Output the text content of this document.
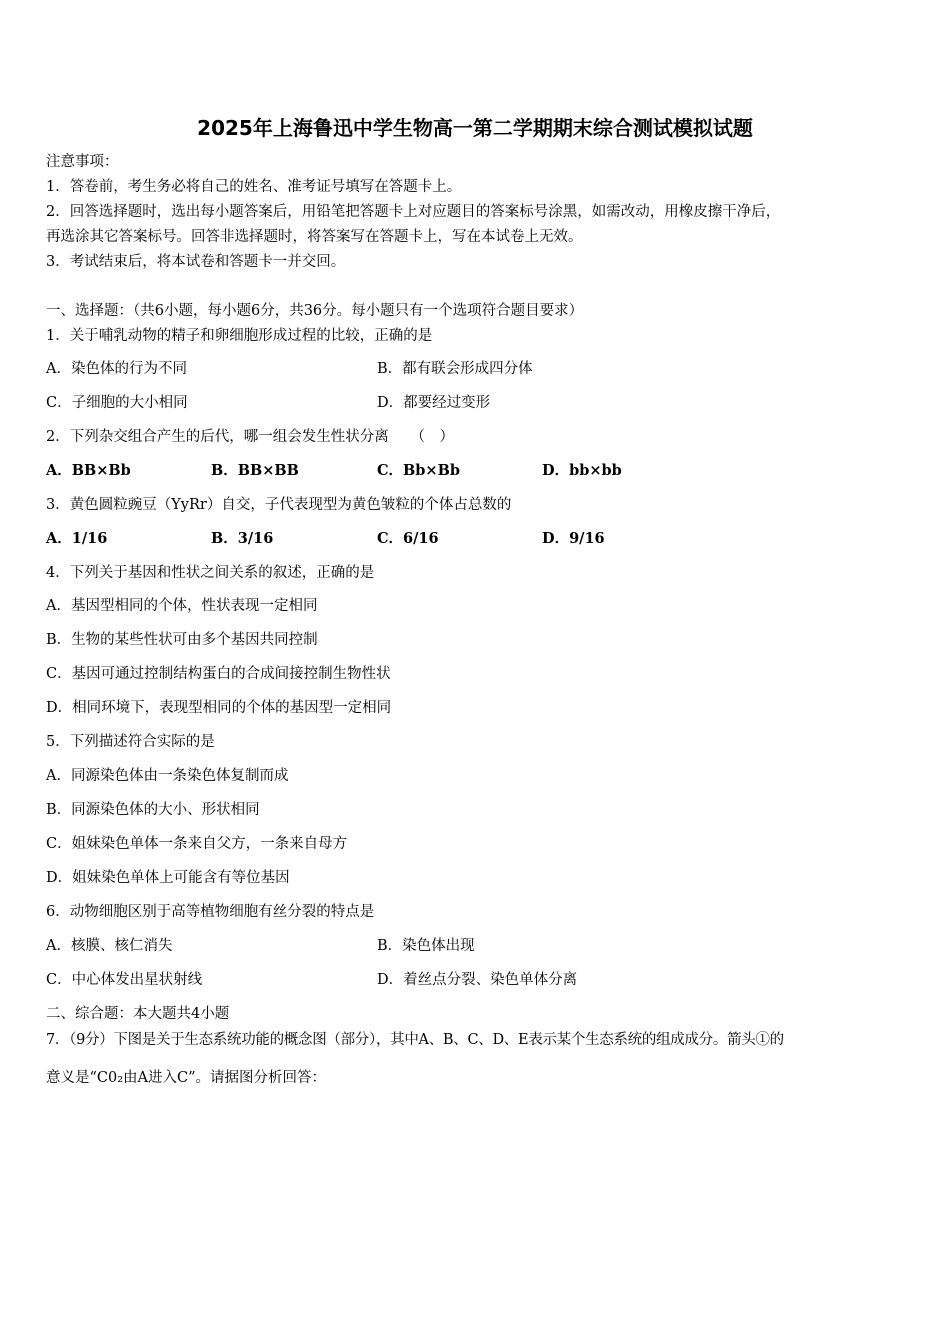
2025年上海鲁迅中学生物高一第二学期期末综合测试模拟试题
注意事项：
1．答卷前，考生务必将自己的姓名、准考证号填写在答题卡上。
2．回答选择题时，选出每小题答案后，用铅笔把答题卡上对应题目的答案标号涂黑，如需改动，用橡皮擦干净后，
再选涂其它答案标号。回答非选择题时，将答案写在答题卡上，写在本试卷上无效。
3．考试结束后，将本试卷和答题卡一并交回。
一、选择题：（共6小题，每小题6分，共36分。每小题只有一个选项符合题目要求）
1．关于哺乳动物的精子和卵细胞形成过程的比较，正确的是
A．染色体的行为不同	B．都有联会形成四分体
C．子细胞的大小相同	D．都要经过变形
2．下列杂交组合产生的后代，哪一组会发生性状分离　　（　）
A．BB×Bb	B．BB×BB	C．Bb×Bb	D．bb×bb
3．黄色圆粒豌豆（YyRr）自交，子代表现型为黄色皱粒的个体占总数的
A．1/16	B．3/16	C．6/16	D．9/16
4．下列关于基因和性状之间关系的叙述，正确的是
A．基因型相同的个体，性状表现一定相同
B．生物的某些性状可由多个基因共同控制
C．基因可通过控制结构蛋白的合成间接控制生物性状
D．相同环境下，表现型相同的个体的基因型一定相同
5．下列描述符合实际的是
A．同源染色体由一条染色体复制而成
B．同源染色体的大小、形状相同
C．姐妹染色单体一条来自父方，一条来自母方
D．姐妹染色单体上可能含有等位基因
6．动物细胞区别于高等植物细胞有丝分裂的特点是
A．核膜、核仁消失	B．染色体出现
C．中心体发出星状射线	D．着丝点分裂、染色单体分离
二、综合题：本大题共4小题
7．（9分）下图是关于生态系统功能的概念图（部分），其中A、B、C、D、E表示某个生态系统的组成成分。箭头①的
意义是“C0₂由A进入C”。请据图分析回答：
